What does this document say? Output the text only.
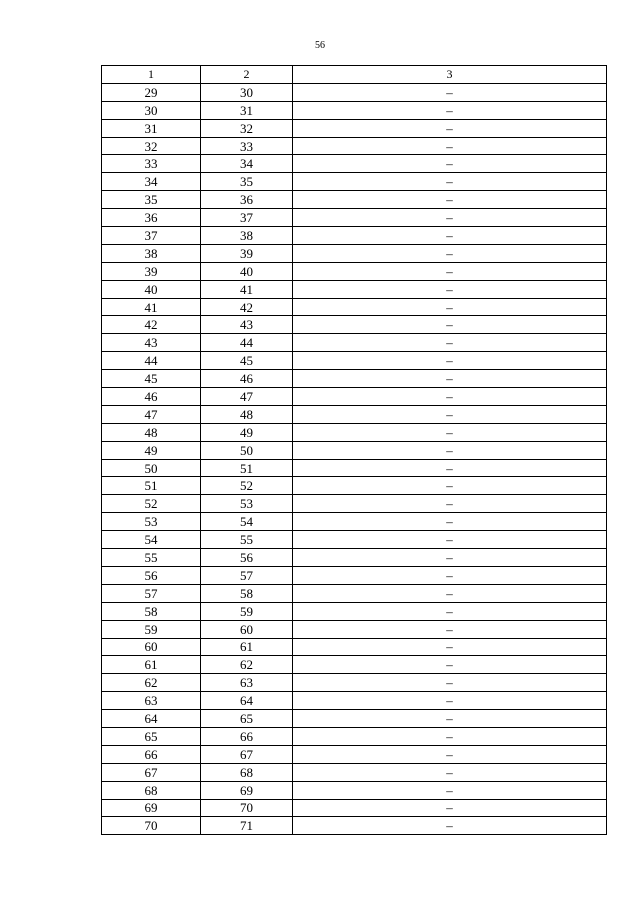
56
1	2	3
29	30	–
30	31	–
31	32	–
32	33	–
33	34	–
34	35	–
35	36	–
36	37	–
37	38	–
38	39	–
39	40	–
40	41	–
41	42	–
42	43	–
43	44	–
44	45	–
45	46	–
46	47	–
47	48	–
48	49	–
49	50	–
50	51	–
51	52	–
52	53	–
53	54	–
54	55	–
55	56	–
56	57	–
57	58	–
58	59	–
59	60	–
60	61	–
61	62	–
62	63	–
63	64	–
64	65	–
65	66	–
66	67	–
67	68	–
68	69	–
69	70	–
70	71	–
